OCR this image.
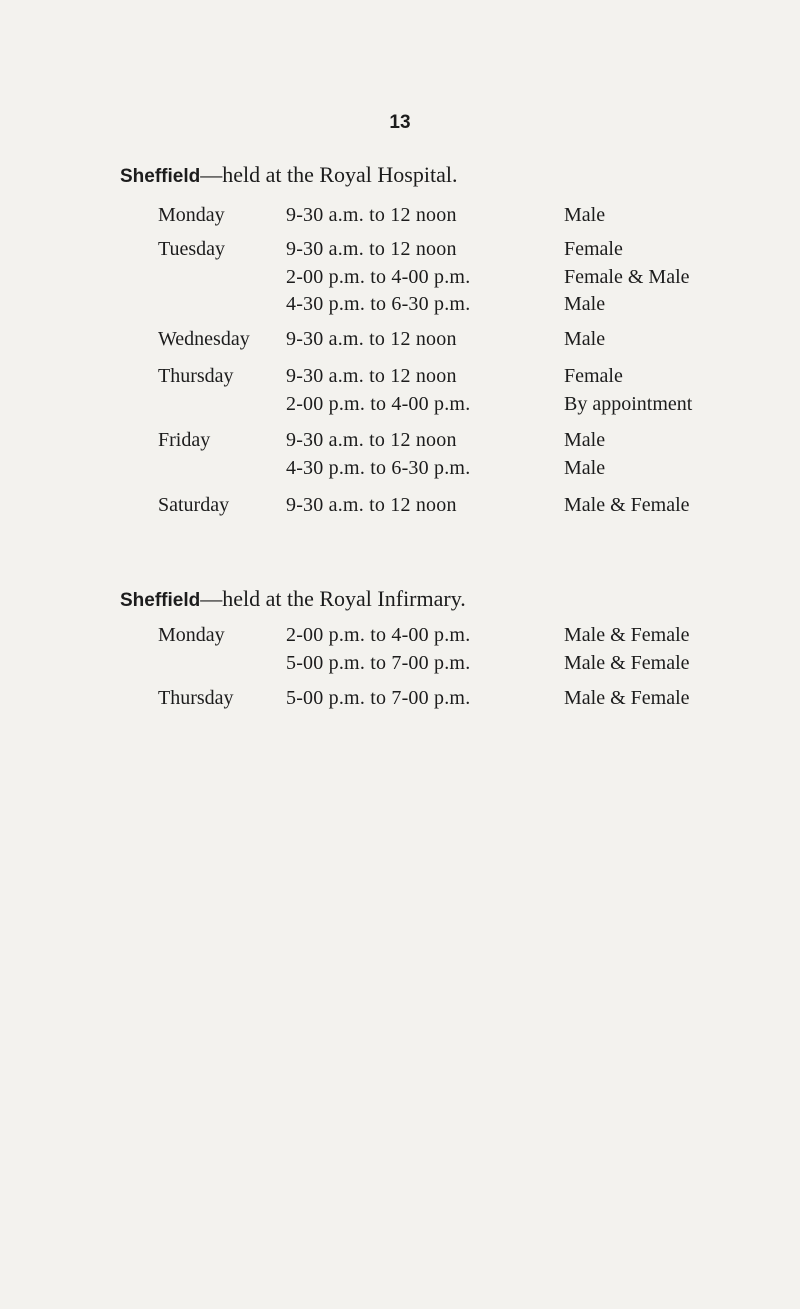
13
Sheffield—held at the Royal Hospital.
Monday	9-30 a.m. to 12 noon	Male
Tuesday	9-30 a.m. to 12 noon	Female
2-00 p.m. to 4-00 p.m.	Female & Male
4-30 p.m. to 6-30 p.m.	Male
Wednesday 9-30 a.m. to 12 noon	Male
Thursday	9-30 a.m. to 12 noon	Female
2-00 p.m. to 4-00 p.m.	By appointment
Friday	9-30 a.m. to 12 noon	Male
4-30 p.m. to 6-30 p.m.	Male
Saturday	9-30 a.m. to 12 noon	Male & Female
Sheffield—held at the Royal Infirmary.
Monday	2-00 p.m. to 4-00 p.m.	Male & Female
5-00 p.m. to 7-00 p.m.	Male & Female
Thursday	5-00 p.m. to 7-00 p.m.	Male & Female
